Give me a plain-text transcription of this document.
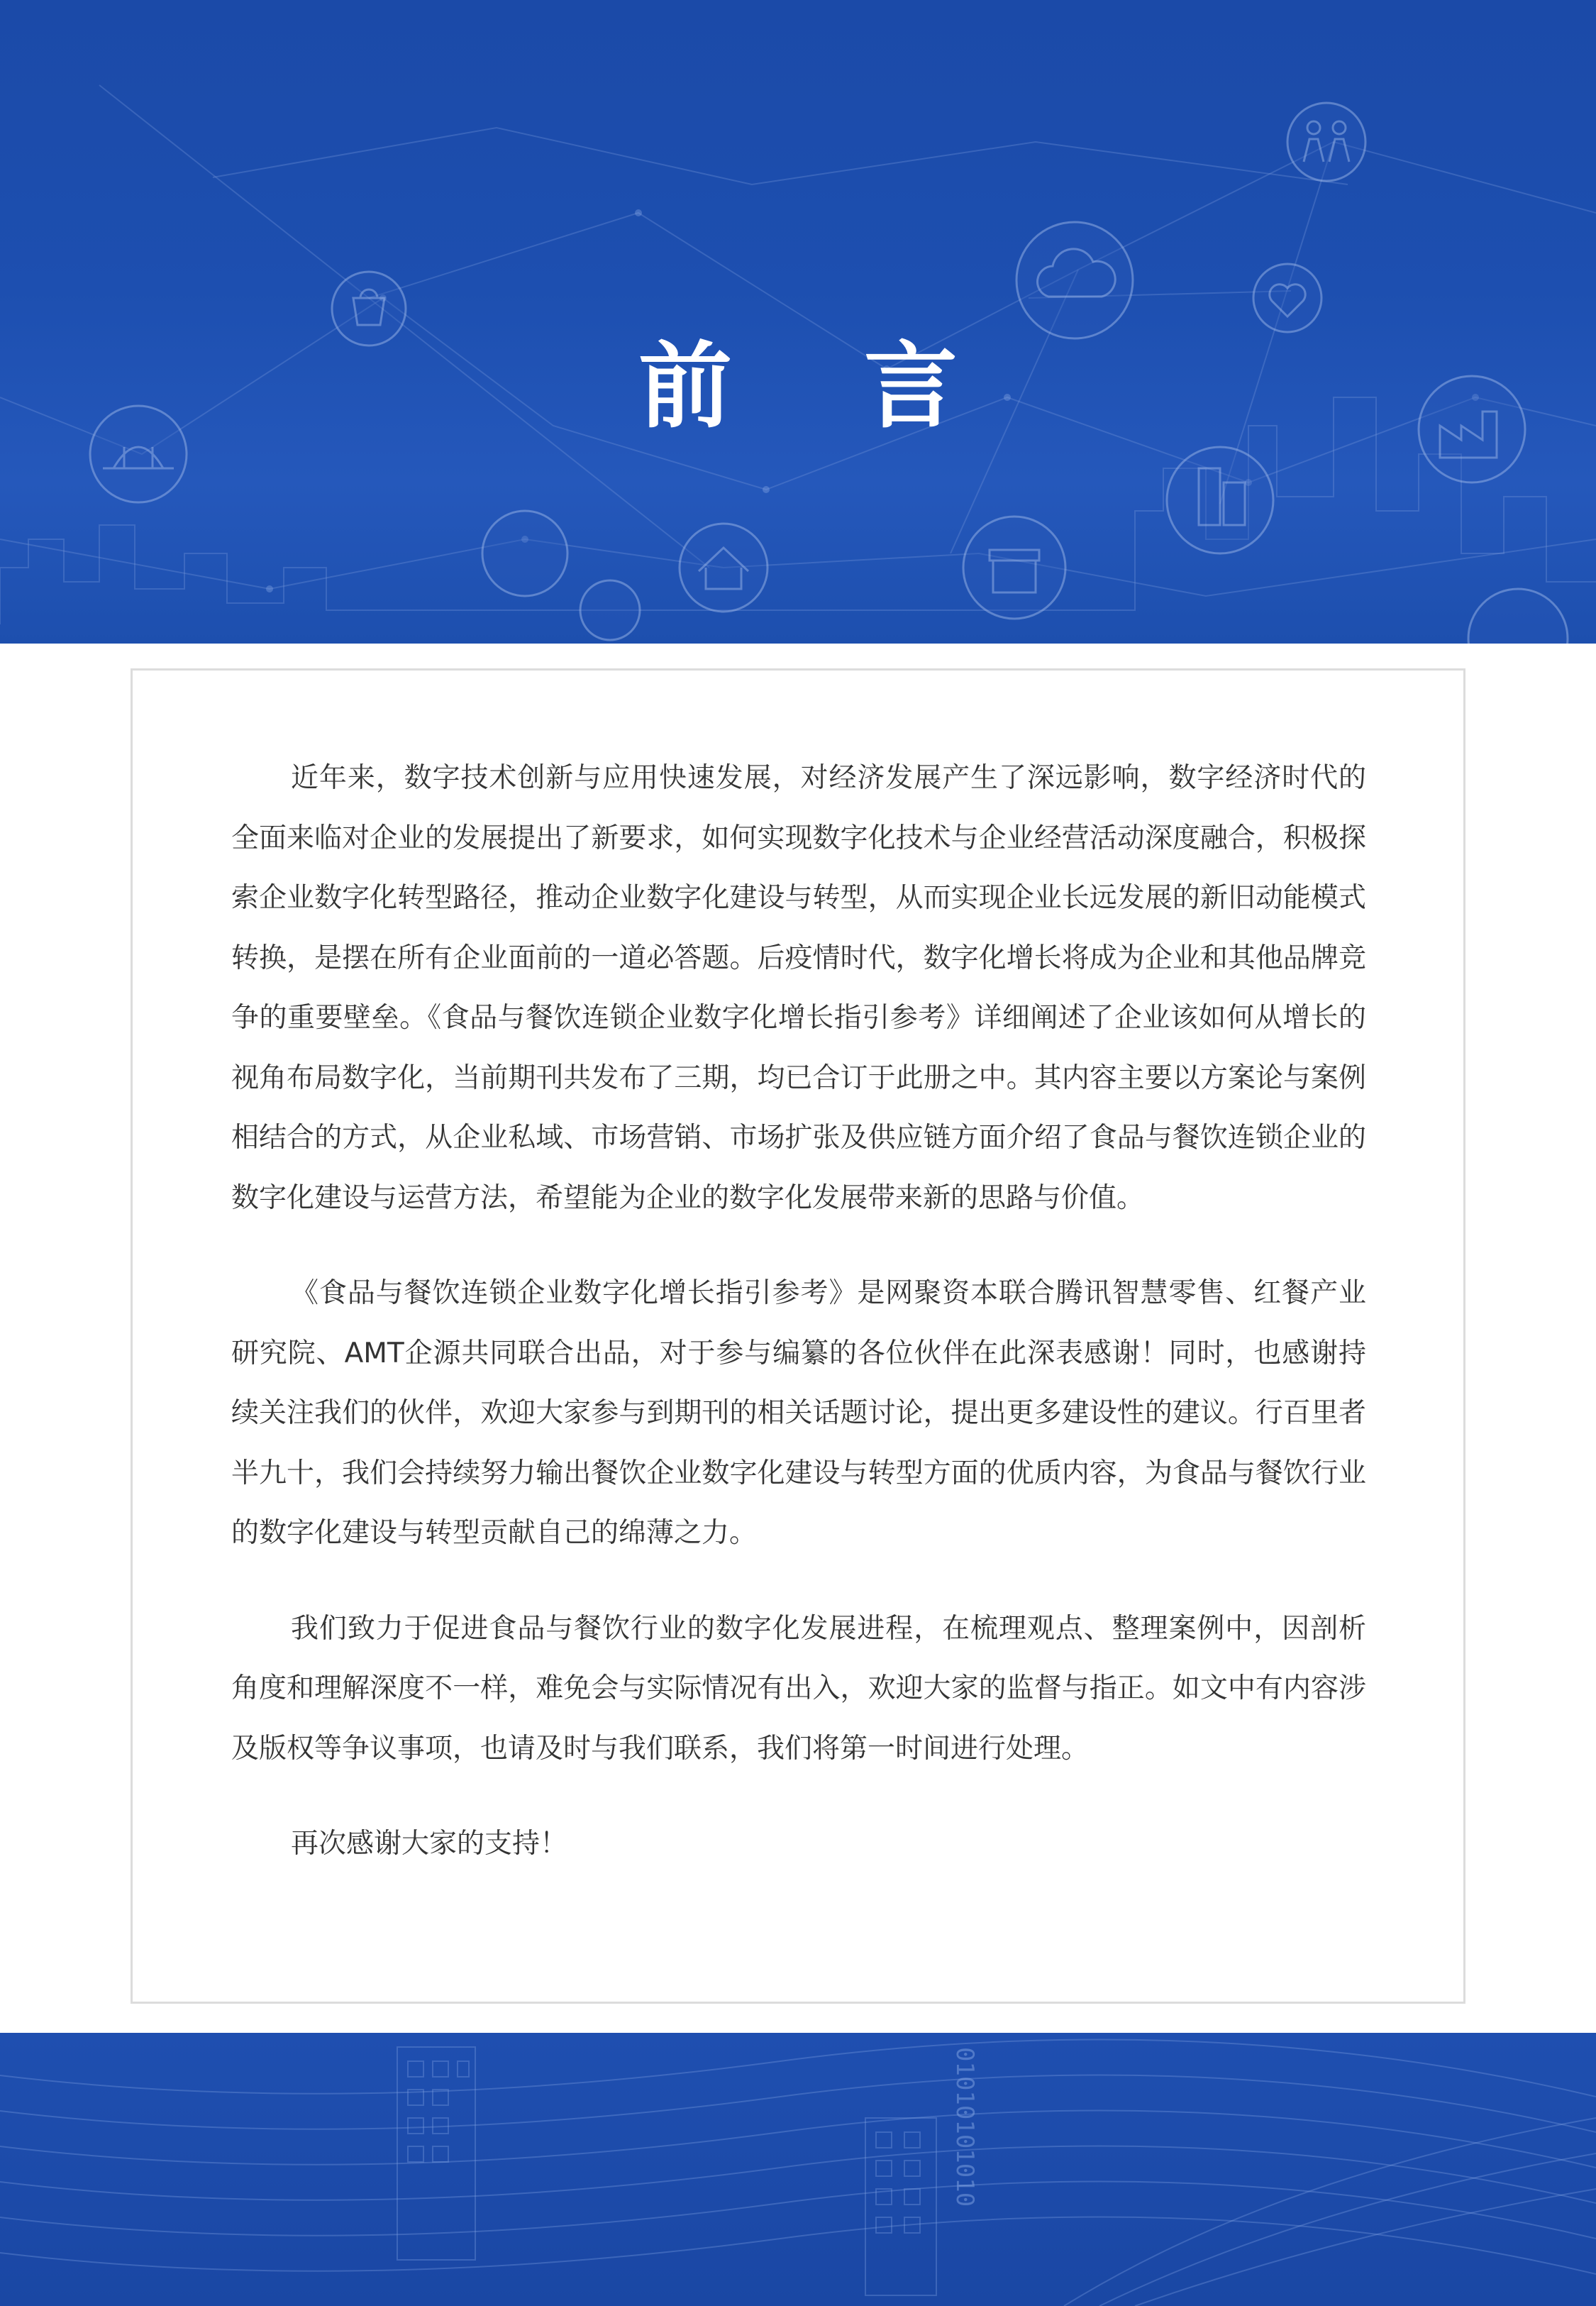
前 言

近年来，数字技术创新与应用快速发展，对经济发展产生了深远影响，数字经济时代的全面来临对企业的发展提出了新要求，如何实现数字化技术与企业经营活动深度融合，积极探索企业数字化转型路径，推动企业数字化建设与转型，从而实现企业长远发展的新旧动能模式转换，是摆在所有企业面前的一道必答题。后疫情时代，数字化增长将成为企业和其他品牌竞争的重要壁垒。《食品与餐饮连锁企业数字化增长指引参考》详细阐述了企业该如何从增长的视角布局数字化，当前期刊共发布了三期，均已合订于此册之中。其内容主要以方案论与案例相结合的方式，从企业私域、市场营销、市场扩张及供应链方面介绍了食品与餐饮连锁企业的数字化建设与运营方法，希望能为企业的数字化发展带来新的思路与价值。

《食品与餐饮连锁企业数字化增长指引参考》是网聚资本联合腾讯智慧零售、红餐产业研究院、AMT企源共同联合出品，对于参与编纂的各位伙伴在此深表感谢！同时，也感谢持续关注我们的伙伴，欢迎大家参与到期刊的相关话题讨论，提出更多建设性的建议。行百里者半九十，我们会持续努力输出餐饮企业数字化建设与转型方面的优质内容，为食品与餐饮行业的数字化建设与转型贡献自己的绵薄之力。

我们致力于促进食品与餐饮行业的数字化发展进程，在梳理观点、整理案例中，因剖析角度和理解深度不一样，难免会与实际情况有出入，欢迎大家的监督与指正。如文中有内容涉及版权等争议事项，也请及时与我们联系，我们将第一时间进行处理。

再次感谢大家的支持！

01010101010
